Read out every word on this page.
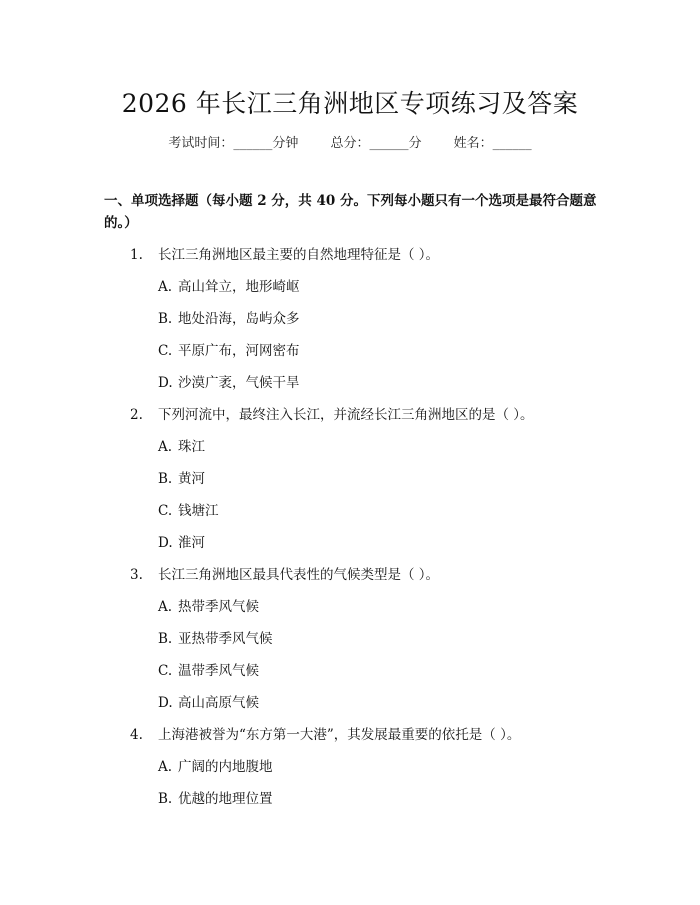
2026 年长江三角洲地区专项练习及答案
考试时间：______分钟 总分：______分 姓名：______
一、单项选择题（每小题 2 分，共 40 分。下列每小题只有一个选项是最符合题意的。）
1. 长江三角洲地区最主要的自然地理特征是（ ）。
A. 高山耸立，地形崎岖
B. 地处沿海，岛屿众多
C. 平原广布，河网密布
D. 沙漠广袤，气候干旱
2. 下列河流中，最终注入长江，并流经长江三角洲地区的是（ ）。
A. 珠江
B. 黄河
C. 钱塘江
D. 淮河
3. 长江三角洲地区最具代表性的气候类型是（ ）。
A. 热带季风气候
B. 亚热带季风气候
C. 温带季风气候
D. 高山高原气候
4. 上海港被誉为“东方第一大港”，其发展最重要的依托是（ ）。
A. 广阔的内地腹地
B. 优越的地理位置
